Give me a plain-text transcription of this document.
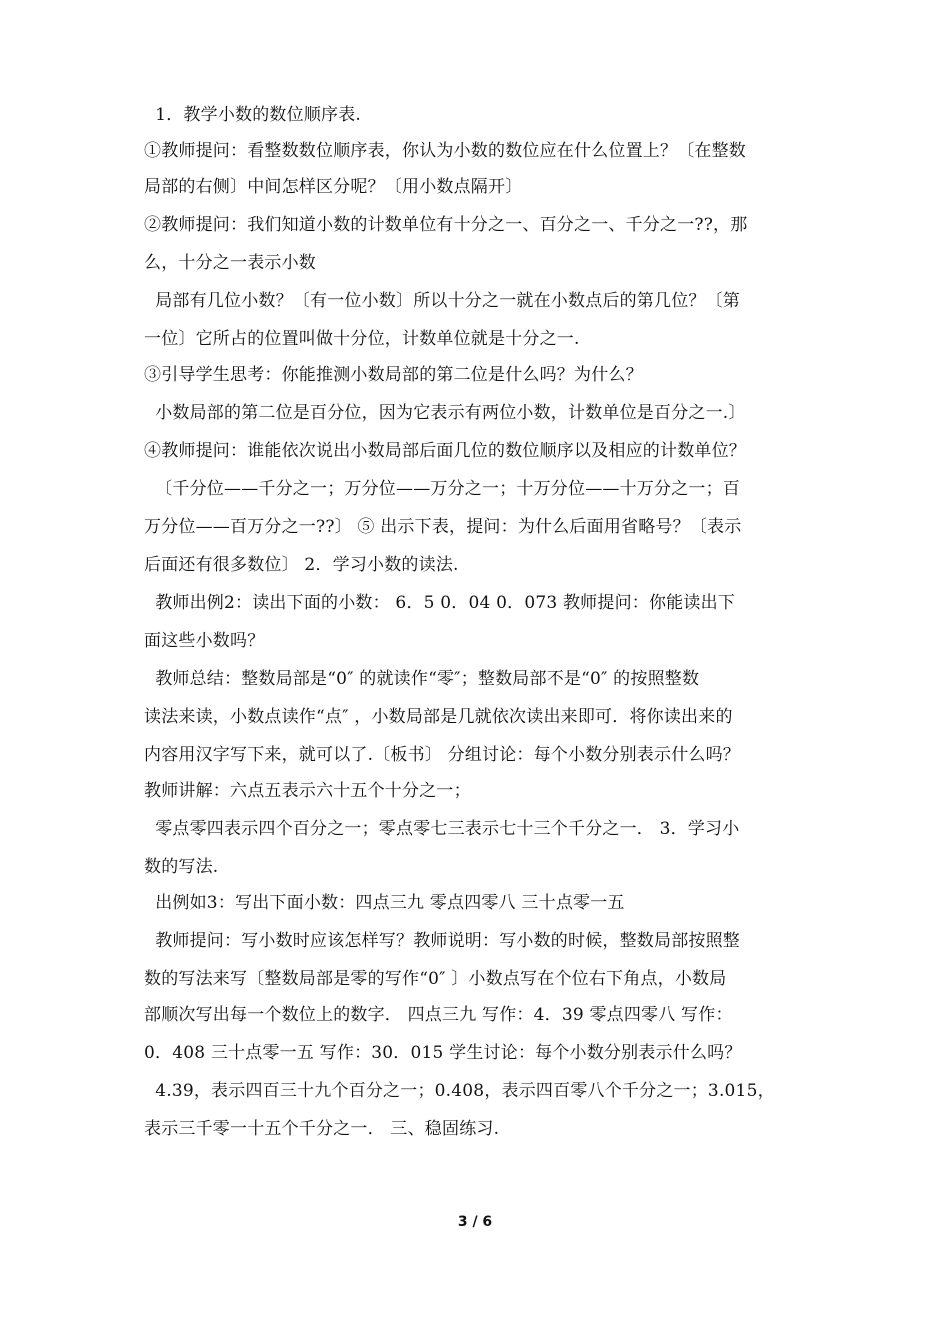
1．教学小数的数位顺序表.
①教师提问：看整数数位顺序表，你认为小数的数位应在什么位置上？〔在整数
局部的右侧〕中间怎样区分呢？〔用小数点隔开〕
②教师提问：我们知道小数的计数单位有十分之一、百分之一、千分之一??，那
么，十分之一表示小数
局部有几位小数？〔有一位小数〕所以十分之一就在小数点后的第几位？〔第
一位〕它所占的位置叫做十分位，计数单位就是十分之一.
③引导学生思考：你能推测小数局部的第二位是什么吗？为什么？
小数局部的第二位是百分位，因为它表示有两位小数，计数单位是百分之一.〕
④教师提问：谁能依次说出小数局部后面几位的数位顺序以及相应的计数单位？
〔千分位——千分之一；万分位——万分之一；十万分位——十万分之一；百
万分位——百万分之一??〕 ⑤ 出示下表，提问：为什么后面用省略号？〔表示
后面还有很多数位〕 2．学习小数的读法.
教师出例2：读出下面的小数： 6．5 0．04 0．073 教师提问：你能读出下
面这些小数吗？
教师总结：整数局部是“0″ 的就读作“零″；整数局部不是“0″ 的按照整数
读法来读，小数点读作“点″ ，小数局部是几就依次读出来即可．将你读出来的
内容用汉字写下来，就可以了.〔板书〕 分组讨论：每个小数分别表示什么吗？
教师讲解：六点五表示六十五个十分之一；
零点零四表示四个百分之一；零点零七三表示七十三个千分之一． 3．学习小
数的写法.
出例如3：写出下面小数：四点三九 零点四零八 三十点零一五
教师提问：写小数时应该怎样写？教师说明：写小数的时候，整数局部按照整
数的写法来写〔整数局部是零的写作“0″ 〕小数点写在个位右下角点，小数局
部顺次写出每一个数位上的数字． 四点三九 写作：4．39 零点四零八 写作：
0．408 三十点零一五 写作：30．015 学生讨论：每个小数分别表示什么吗？
4.39，表示四百三十九个百分之一；0.408，表示四百零八个千分之一；3.015，
表示三千零一十五个千分之一． 三、稳固练习.
3 / 6
